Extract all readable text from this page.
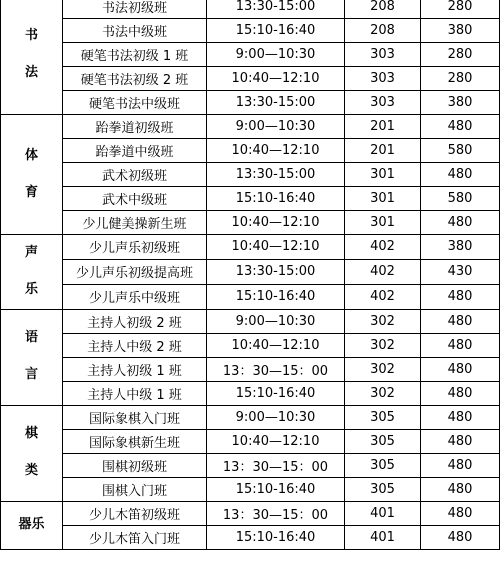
书
法	书法初级班	13:30-15:00	208	280
	书法中级班	15:10-16:40	208	380
	硬笔书法初级 1 班	9:00—10:30	303	280
	硬笔书法初级 2 班	10:40—12:10	303	280
	硬笔书法中级班	13:30-15:00	303	380

体
育	跆拳道初级班	9:00—10:30	201	480
	跆拳道中级班	10:40—12:10	201	580
	武术初级班	13:30-15:00	301	480
	武术中级班	15:10-16:40	301	580
	少儿健美操新生班	10:40—12:10	301	480

声
乐	少儿声乐初级班	10:40—12:10	402	380
	少儿声乐初级提高班	13:30-15:00	402	430
	少儿声乐中级班	15:10-16:40	402	480

语
言	主持人初级 2 班	9:00—10:30	302	480
	主持人中级 2 班	10:40—12:10	302	480
	主持人初级 1 班	13：30—15：00	302	480
	主持人中级 1 班	15:10-16:40	302	480

棋
类	国际象棋入门班	9:00—10:30	305	480
	国际象棋新生班	10:40—12:10	305	480
	围棋初级班	13：30—15：00	305	480
	围棋入门班	15:10-16:40	305	480

器乐	少儿木笛初级班	13：30—15：00	401	480
	少儿木笛入门班	15:10-16:40	401	480
